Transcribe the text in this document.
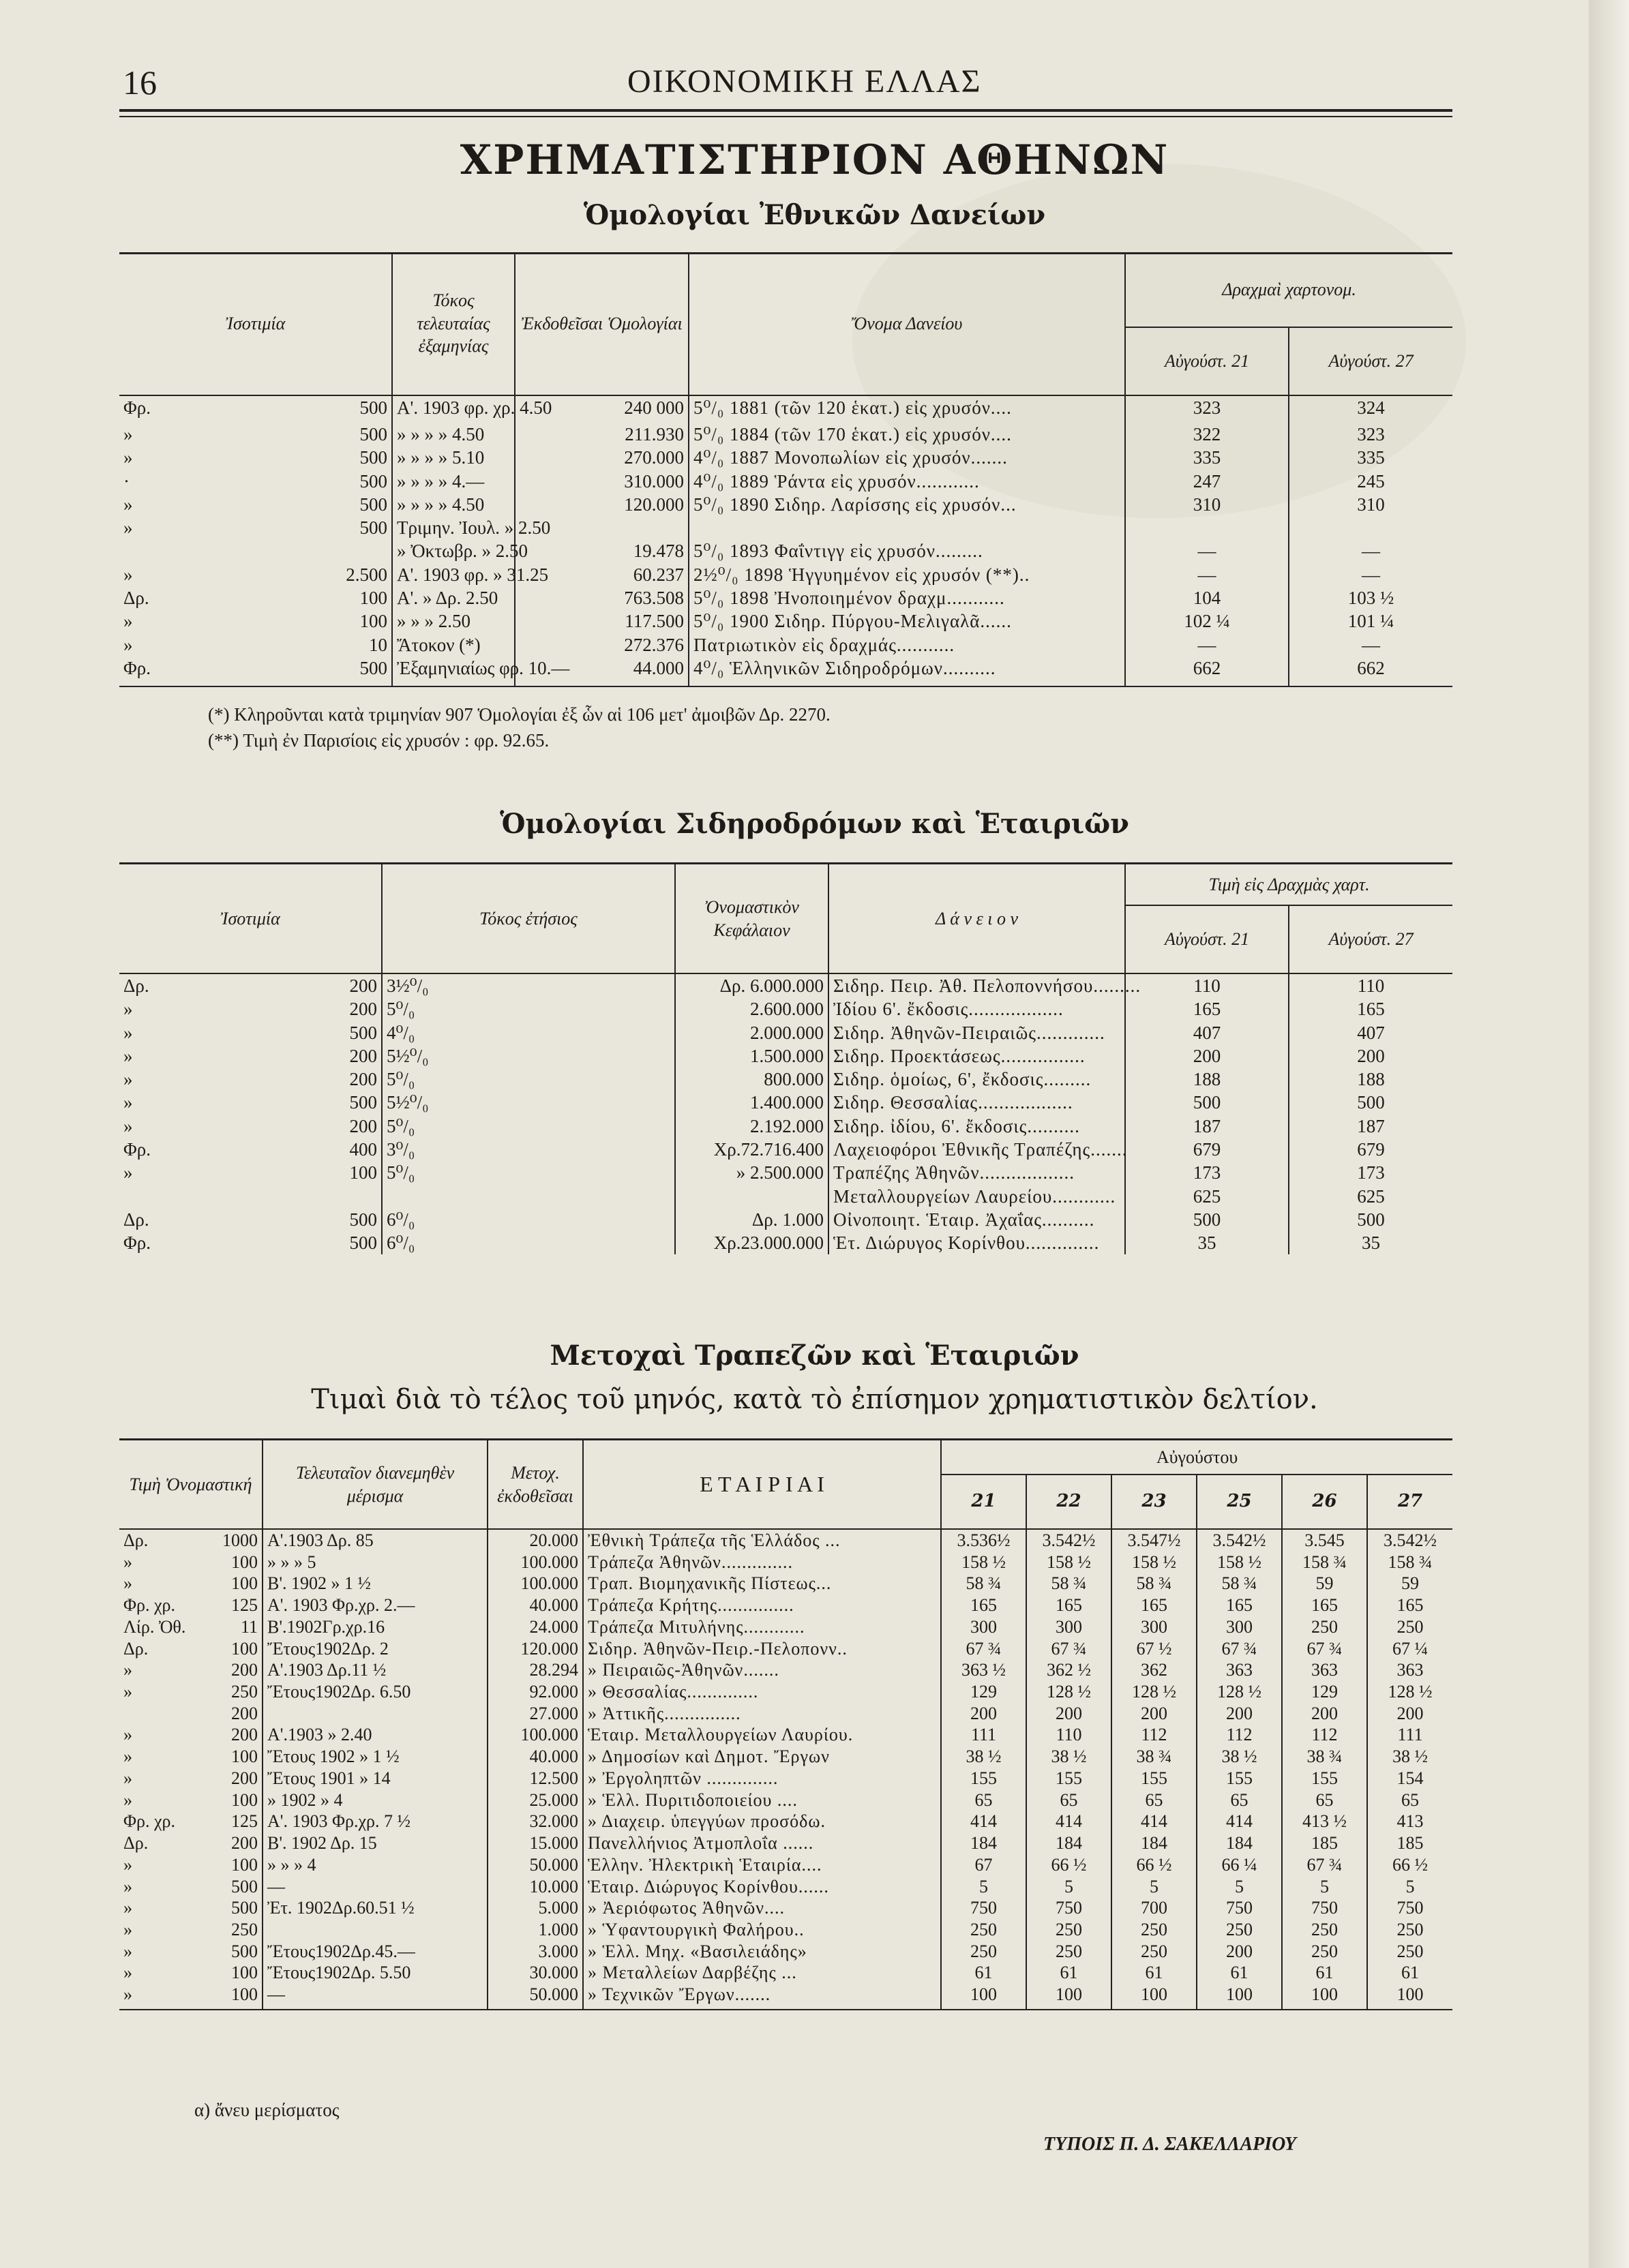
16	ΟΙΚΟΝΟΜΙΚΗ ΕΛΛΑΣ
ΧΡΗΜΑΤΙΣΤΗΡΙΟΝ ΑΘΗΝΩΝ
Ὁμολογίαι Ἐθνικῶν Δανείων
Ἰσοτιμία		Τόκος τελευταίας ἐξαμηνίας	Ἐκδοθεῖσαι Ὁμολογίαι	Ὄνομα Δανείου	Δραχμαὶ χαρτονομ.	
					Αὐγούστ. 21	Αὐγούστ. 27
Φρ.	500	Α'. 1903 φρ. χρ. 4.50	240 000	5⁰/₀ 1881 (τῶν 120 ἑκατ.) εἰς χρυσόν....	323	324
»	500	» » » » 4.50	211.930	5⁰/₀ 1884 (τῶν 170 ἑκατ.) εἰς χρυσόν....	322	323
»	500	» » » » 5.10	270.000	4⁰/₀ 1887 Μονοπωλίων εἰς χρυσόν.......	335	335
·	500	» » » » 4.—	310.000	4⁰/₀ 1889 Ῥάντα εἰς χρυσόν............	247	245
»	500	» » » » 4.50	120.000	5⁰/₀ 1890 Σιδηρ. Λαρίσσης εἰς χρυσόν...	310	310
»	500	Τριμην. Ἰουλ. » 2.50				
		» Ὀκτωβρ. » 2.50	19.478	5⁰/₀ 1893 Φαΐντιγγ εἰς χρυσόν.........	—	—
»	2.500	Α'. 1903 φρ. » 31.25	60.237	2½⁰/₀ 1898 Ἡγγυημένον εἰς χρυσόν (**)..	—	—
Δρ.	100	Α'. » Δρ. 2.50	763.508	5⁰/₀ 1898 Ἠνοποιημένον δραχμ...........	104	103 ½
»	100	» » » 2.50	117.500	5⁰/₀ 1900 Σιδηρ. Πύργου-Μελιγαλᾶ......	102 ¼	101 ¼
»	10	Ἄτοκον (*)	272.376	Πατριωτικὸν εἰς δραχμάς...........	—	—
Φρ.	500	Ἐξαμηνιαίως φρ. 10.—	44.000	4⁰/₀ Ἑλληνικῶν Σιδηροδρόμων..........	662	662

(*) Κληροῦνται κατὰ τριμηνίαν 907 Ὁμολογίαι ἐξ ὧν αἱ 106 μετ' ἀμοιβῶν Δρ. 2270.
(**) Τιμὴ ἐν Παρισίοις εἰς χρυσόν : φρ. 92.65.
Ὁμολογίαι Σιδηροδρόμων καὶ Ἑταιριῶν
Ἰσοτιμία		Τόκος ἐτήσιος	Ὀνομαστικὸν Κεφάλαιον	Δ ά ν ε ι ο ν	Τιμὴ εἰς Δραχμὰς χαρτ.	
					Αὐγούστ. 21	Αὐγούστ. 27
Δρ.	200	3½⁰/₀	Δρ. 6.000.000	Σιδηρ. Πειρ. Ἀθ. Πελοποννήσου.........	110	110
»	200	5⁰/₀	2.600.000	Ἰδίου 6'. ἔκδοσις..................	165	165
»	500	4⁰/₀	2.000.000	Σιδηρ. Ἀθηνῶν-Πειραιῶς.............	407	407
»	200	5½⁰/₀	1.500.000	Σιδηρ. Προεκτάσεως................	200	200
»	200	5⁰/₀	800.000	Σιδηρ. ὁμοίως, 6', ἔκδοσις.........	188	188
»	500	5½⁰/₀	1.400.000	Σιδηρ. Θεσσαλίας..................	500	500
»	200	5⁰/₀	2.192.000	Σιδηρ. ἰδίου, 6'. ἔκδοσις..........	187	187
Φρ.	400	3⁰/₀	Χρ.72.716.400	Λαχειοφόροι Ἐθνικῆς Τραπέζης.......	679	679
»	100	5⁰/₀	» 2.500.000	Τραπέζης Ἀθηνῶν..................	173	173
				Μεταλλουργείων Λαυρείου............	625	625
Δρ.	500	6⁰/₀	Δρ. 1.000	Οἰνοποιητ. Ἑταιρ. Ἀχαΐας..........	500	500
Φρ.	500	6⁰/₀	Χρ.23.000.000	Ἑτ. Διώρυγος Κορίνθου..............	35	35
Μετοχαὶ Τραπεζῶν καὶ Ἑταιριῶν
Τιμαὶ διὰ τὸ τέλος τοῦ μηνός, κατὰ τὸ ἐπίσημον χρηματιστικὸν δελτίον.
Τιμὴ Ὀνομαστική		Τελευταῖον διανεμηθὲν μέρισμα	Μετοχ. ἐκδοθεῖσαι	Ε Τ Α Ι Ρ Ι Α Ι	Αὐγούστου					
					21	22	23	25	26	27
Δρ.	1000	Α'.1903 Δρ. 85	20.000	Ἐθνικὴ Τράπεζα τῆς Ἑλλάδος ...	3.536½	3.542½	3.547½	3.542½	3.545	3.542½
»	100	» » » 5	100.000	Τράπεζα Ἀθηνῶν..............	158 ½	158 ½	158 ½	158 ½	158 ¾	158 ¾
»	100	Β'. 1902 » 1 ½	100.000	Τραπ. Βιομηχανικῆς Πίστεως...	58 ¾	58 ¾	58 ¾	58 ¾	59	59
Φρ. χρ.	125	Α'. 1903 Φρ.χρ. 2.—	40.000	Τράπεζα Κρήτης...............	165	165	165	165	165	165
Λίρ. Ὀθ.	11	Β'.1902Γρ.χρ.16	24.000	Τράπεζα Μιτυλήνης............	300	300	300	300	250	250
Δρ.	100	Ἔτους1902Δρ. 2	120.000	Σιδηρ. Ἀθηνῶν-Πειρ.-Πελοπονν..	67 ¾	67 ¾	67 ½	67 ¾	67 ¾	67 ¼
»	200	Α'.1903 Δρ.11 ½	28.294	» Πειραιῶς-Ἀθηνῶν.......	363 ½	362 ½	362	363	363	363
»	250	Ἔτους1902Δρ. 6.50	92.000	» Θεσσαλίας..............	129	128 ½	128 ½	128 ½	129	128 ½
	200		27.000	» Ἀττικῆς...............	200	200	200	200	200	200
»	200	Α'.1903 » 2.40	100.000	Ἑταιρ. Μεταλλουργείων Λαυρίου.	111	110	112	112	112	111
»	100	Ἔτους 1902 » 1 ½	40.000	» Δημοσίων καὶ Δημοτ. Ἔργων	38 ½	38 ½	38 ¾	38 ½	38 ¾	38 ½
»	200	Ἔτους 1901 » 14	12.500	» Ἐργοληπτῶν ..............	155	155	155	155	155	154
»	100	» 1902 » 4	25.000	» Ἑλλ. Πυριτιδοποιείου ....	65	65	65	65	65	65
Φρ. χρ.	125	Α'. 1903 Φρ.χρ. 7 ½	32.000	» Διαχειρ. ὑπεγγύων προσόδω.	414	414	414	414	413 ½	413
Δρ.	200	Β'. 1902 Δρ. 15	15.000	Πανελλήνιος Ἀτμοπλοΐα ......	184	184	184	184	185	185
»	100	» » » 4	50.000	Ἑλλην. Ἠλεκτρικὴ Ἑταιρία....	67	66 ½	66 ½	66 ¼	67 ¾	66 ½
»	500	—	10.000	Ἑταιρ. Διώρυγος Κορίνθου......	5	5	5	5	5	5
»	500	Ἐτ. 1902Δρ.60.51 ½	5.000	» Ἀεριόφωτος Ἀθηνῶν....	750	750	700	750	750	750
»	250		1.000	» Ὑφαντουργικὴ Φαλήρου..	250	250	250	250	250	250
»	500	Ἔτους1902Δρ.45.—	3.000	» Ἑλλ. Μηχ. «Βασιλειάδης»	250	250	250	200	250	250
»	100	Ἔτους1902Δρ. 5.50	30.000	» Μεταλλείων Δαρβέζης ...	61	61	61	61	61	61
»	100	—	50.000	» Τεχνικῶν Ἔργων.......	100	100	100	100	100	100

α) ἄνευ μερίσματος
ΤΥΠΟΙΣ Π. Δ. ΣΑΚΕΛΛΑΡΙΟΥ
